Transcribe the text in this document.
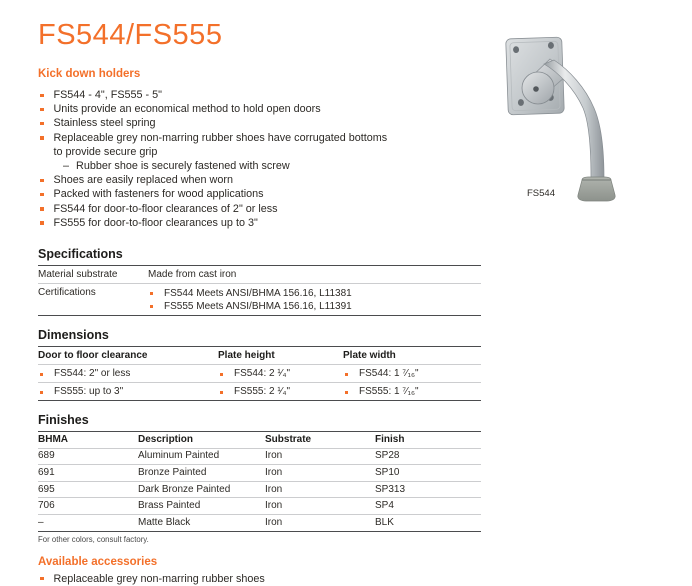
FS544/FS555
Kick down holders
FS544 - 4", FS555 - 5"
Units provide an economical method to hold open doors
Stainless steel spring
Replaceable grey non-marring rubber shoes have corrugated bottoms
to provide secure grip
– Rubber shoe is securely fastened with screw
Shoes are easily replaced when worn
Packed with fasteners for wood applications
FS544 for door-to-floor clearances of 2" or less
FS555 for door-to-floor clearances up to 3"
Specifications
Material substrate	Made from cast iron
Certifications	FS544 Meets ANSI/BHMA 156.16, L11381
FS555 Meets ANSI/BHMA 156.16, L11391
Dimensions
Door to floor clearance	Plate height	Plate width
FS544: 2" or less	FS544: 2 ¹⁄₄"	FS544: 1 ⁷⁄₁₆"
FS555: up to 3"	FS555: 2 ¹⁄₄"	FS555: 1 ⁷⁄₁₆"
Finishes
BHMA	Description	Substrate	Finish
689	Aluminum Painted	Iron	SP28
691	Bronze Painted	Iron	SP10
695	Dark Bronze Painted	Iron	SP313
706	Brass Painted	Iron	SP4
–	Matte Black	Iron	BLK
For other colors, consult factory.
Available accessories
Replaceable grey non-marring rubber shoes
FS544
